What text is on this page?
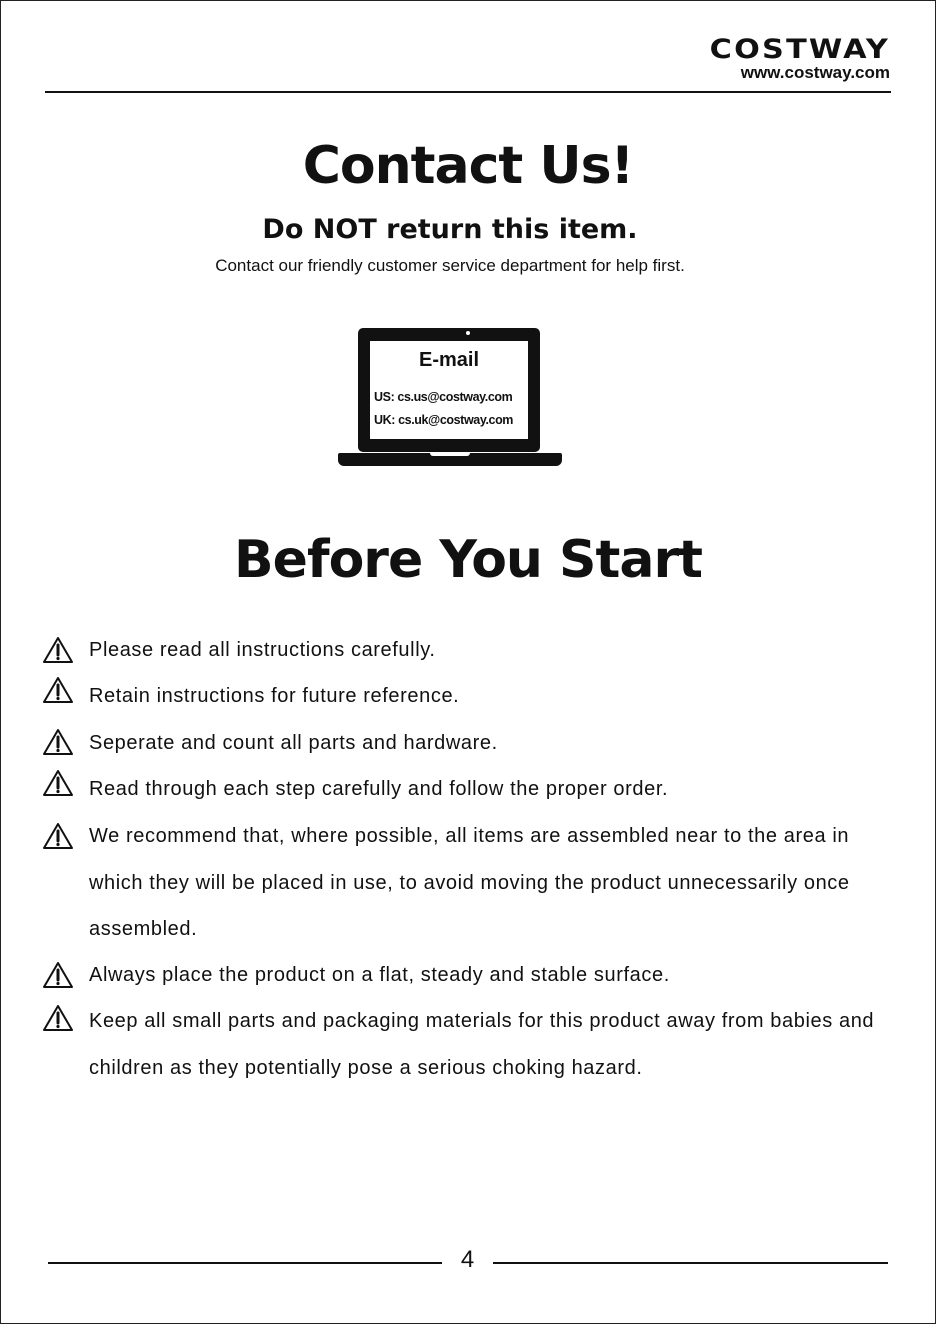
COSTWAY
www.costway.com
Contact Us!
Do NOT return this item.
Contact our friendly customer service department for help first.
E-mail
US: cs.us@costway.com
UK: cs.uk@costway.com
Before You Start
Please read all instructions carefully.
Retain instructions for future reference.
Seperate and count all parts and hardware.
Read through each step carefully and follow the proper order.
We recommend that, where possible, all items are assembled near to the area in which they will be placed in use, to avoid moving the product unnecessarily once assembled.
Always place the product on a flat, steady and stable surface.
Keep all small parts and packaging materials for this product away from babies and children as they potentially pose a serious choking hazard.
4
